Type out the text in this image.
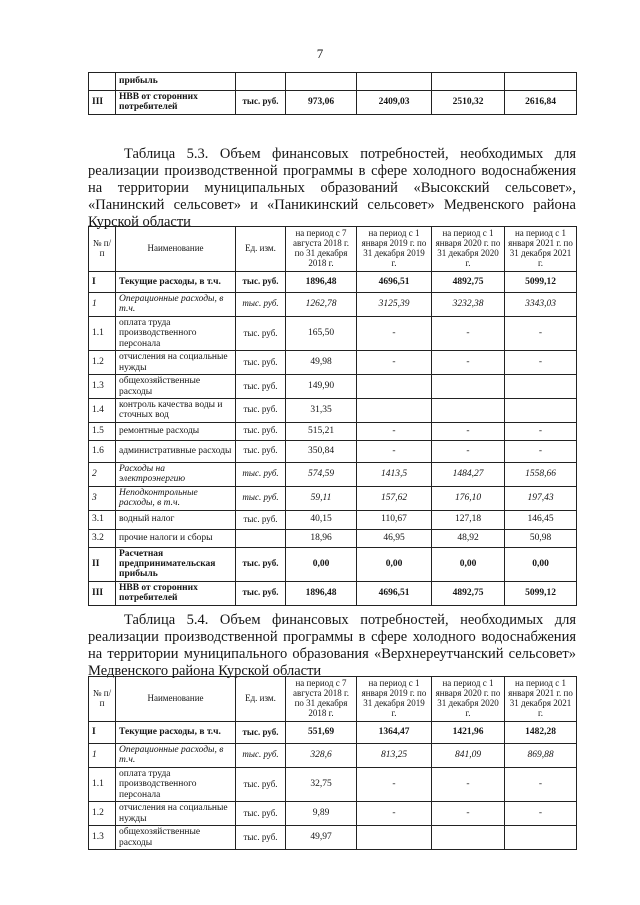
7
	прибыль					
III	НВВ от сторонних потребителей	тыс. руб.	973,06	2409,03	2510,32	2616,84
Таблица 5.3. Объем финансовых потребностей, необходимых для реализации производственной программы в сфере холодного водоснабжения на территории муниципальных образований «Высокский сельсовет», «Панинский сельсовет» и «Паникинский сельсовет» Медвенского района Курской области
№ п/п	Наименование	Ед. изм.	на период с 7 августа 2018 г. по 31 декабря 2018 г.	на период с 1 января 2019 г. по 31 декабря 2019 г.	на период с 1 января 2020 г. по 31 декабря 2020 г.	на период с 1 января 2021 г. по 31 декабря 2021 г.
I	Текущие расходы, в т.ч.	тыс. руб.	1896,48	4696,51	4892,75	5099,12
1	Операционные расходы, в т.ч.	тыс. руб.	1262,78	3125,39	3232,38	3343,03
1.1	оплата труда производственного персонала	тыс. руб.	165,50	-	-	-
1.2	отчисления на социальные нужды	тыс. руб.	49,98	-	-	-
1.3	общехозяйственные расходы	тыс. руб.	149,90			
1.4	контроль качества воды и сточных вод	тыс. руб.	31,35			
1.5	ремонтные расходы	тыс. руб.	515,21	-	-	-
1.6	административные расходы	тыс. руб.	350,84	-	-	-
2	Расходы на электроэнергию	тыс. руб.	574,59	1413,5	1484,27	1558,66
3	Неподконтрольные расходы, в т.ч.	тыс. руб.	59,11	157,62	176,10	197,43
3.1	водный налог	тыс. руб.	40,15	110,67	127,18	146,45
3.2	прочие налоги и сборы		18,96	46,95	48,92	50,98
II	Расчетная предпринимательская прибыль	тыс. руб.	0,00	0,00	0,00	0,00
III	НВВ от сторонних потребителей	тыс. руб.	1896,48	4696,51	4892,75	5099,12
Таблица 5.4. Объем финансовых потребностей, необходимых для реализации производственной программы в сфере холодного водоснабжения на территории муниципального образования «Верхнереутчанский сельсовет» Медвенского района Курской области
№ п/п	Наименование	Ед. изм.	на период с 7 августа 2018 г. по 31 декабря 2018 г.	на период с 1 января 2019 г. по 31 декабря 2019 г.	на период с 1 января 2020 г. по 31 декабря 2020 г.	на период с 1 января 2021 г. по 31 декабря 2021 г.
I	Текущие расходы, в т.ч.	тыс. руб.	551,69	1364,47	1421,96	1482,28
1	Операционные расходы, в т.ч.	тыс. руб.	328,6	813,25	841,09	869,88
1.1	оплата труда производственного персонала	тыс. руб.	32,75	-	-	-
1.2	отчисления на социальные нужды	тыс. руб.	9,89	-	-	-
1.3	общехозяйственные расходы	тыс. руб.	49,97			
